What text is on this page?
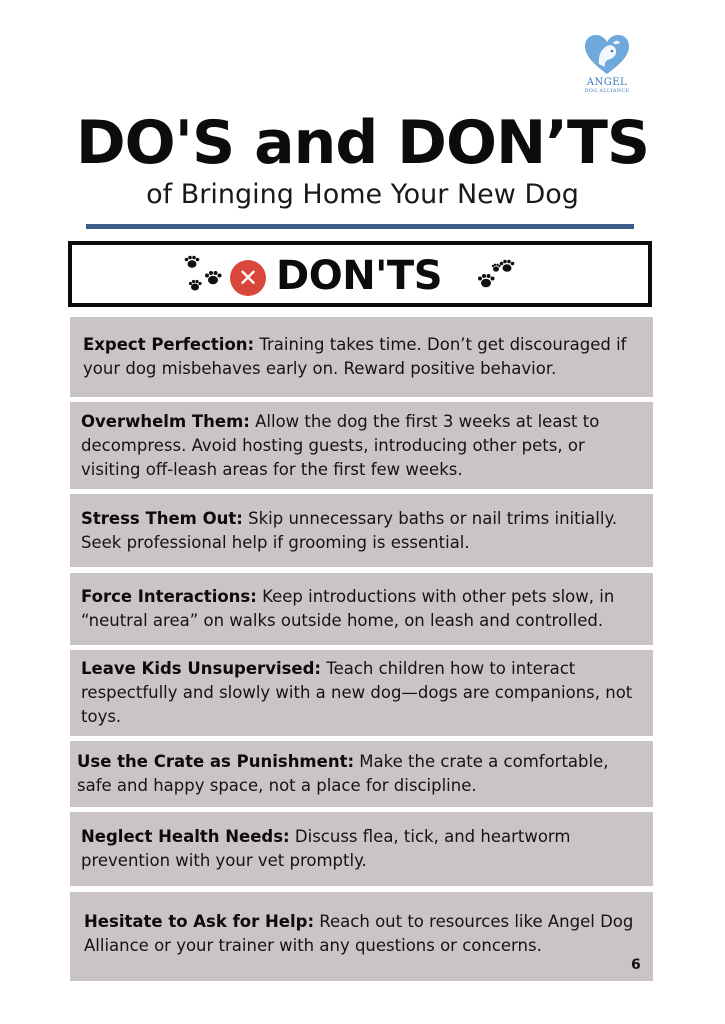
ANGEL
DOG ALLIANCE
DO'S and DON’TS
of Bringing Home Your New Dog
✕ DON'TS

Expect Perfection: Training takes time. Don’t get discouraged if your dog misbehaves early on. Reward positive behavior.

Overwhelm Them: Allow the dog the first 3 weeks at least to decompress. Avoid hosting guests, introducing other pets, or visiting off-leash areas for the first few weeks.

Stress Them Out: Skip unnecessary baths or nail trims initially. Seek professional help if grooming is essential.

Force Interactions: Keep introductions with other pets slow, in “neutral area” on walks outside home, on leash and controlled.

Leave Kids Unsupervised: Teach children how to interact respectfully and slowly with a new dog—dogs are companions, not toys.

Use the Crate as Punishment: Make the crate a comfortable, safe and happy space, not a place for discipline.

Neglect Health Needs: Discuss flea, tick, and heartworm prevention with your vet promptly.

Hesitate to Ask for Help: Reach out to resources like Angel Dog Alliance or your trainer with any questions or concerns.

6
